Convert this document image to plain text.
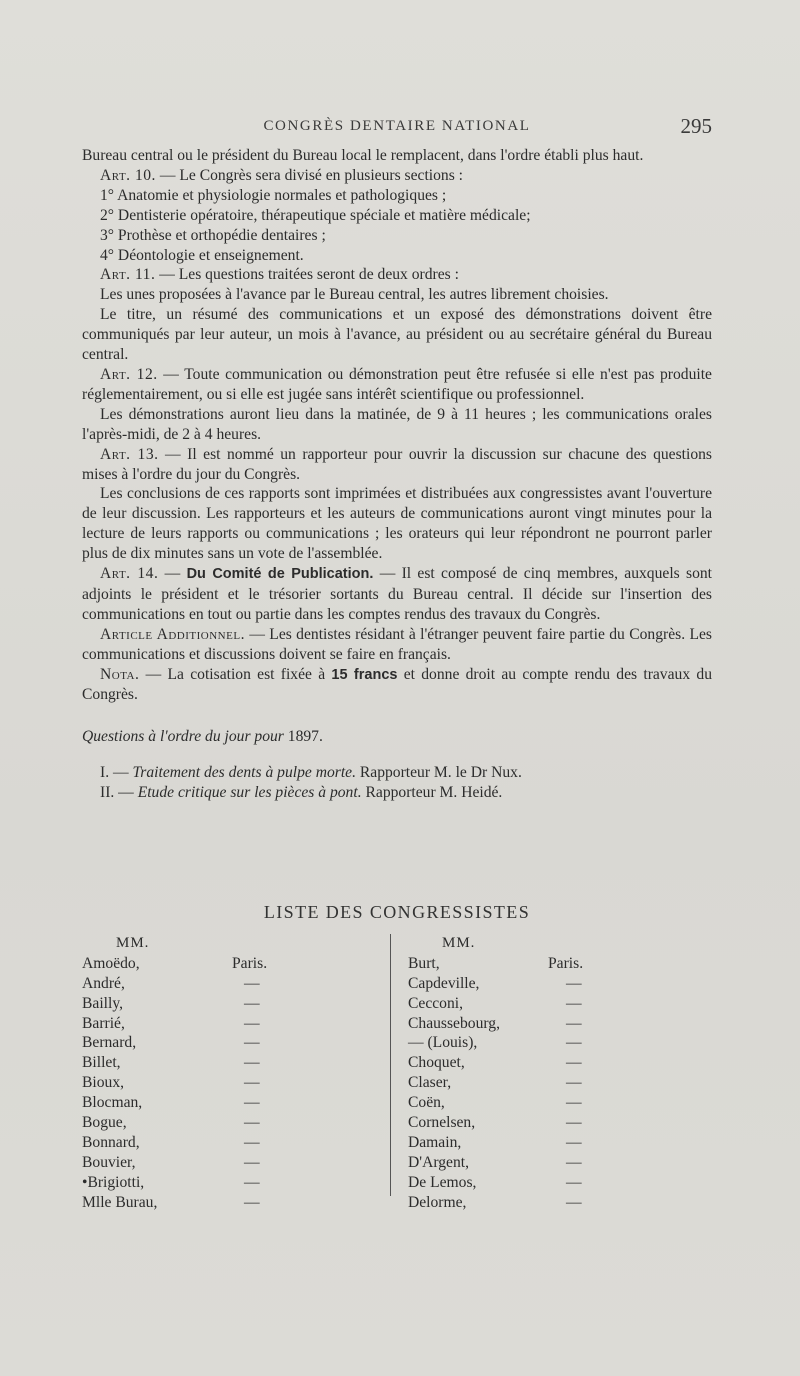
CONGRÈS DENTAIRE NATIONAL	295

Bureau central ou le président du Bureau local le remplacent, dans l'ordre établi plus haut.

Art. 10. — Le Congrès sera divisé en plusieurs sections :

1° Anatomie et physiologie normales et pathologiques ;

2° Dentisterie opératoire, thérapeutique spéciale et matière médicale;

3° Prothèse et orthopédie dentaires ;

4° Déontologie et enseignement.

Art. 11. — Les questions traitées seront de deux ordres :

Les unes proposées à l'avance par le Bureau central, les autres librement choisies.

Le titre, un résumé des communications et un exposé des démonstrations doivent être communiqués par leur auteur, un mois à l'avance, au président ou au secrétaire général du Bureau central.

Art. 12. — Toute communication ou démonstration peut être refusée si elle n'est pas produite réglementairement, ou si elle est jugée sans intérêt scientifique ou professionnel.

Les démonstrations auront lieu dans la matinée, de 9 à 11 heures ; les communications orales l'après-midi, de 2 à 4 heures.

Art. 13. — Il est nommé un rapporteur pour ouvrir la discussion sur chacune des questions mises à l'ordre du jour du Congrès.

Les conclusions de ces rapports sont imprimées et distribuées aux congressistes avant l'ouverture de leur discussion. Les rapporteurs et les auteurs de communications auront vingt minutes pour la lecture de leurs rapports ou communications ; les orateurs qui leur répondront ne pourront parler plus de dix minutes sans un vote de l'assemblée.

Art. 14. — Du Comité de Publication. — Il est composé de cinq membres, auxquels sont adjoints le président et le trésorier sortants du Bureau central. Il décide sur l'insertion des communications en tout ou partie dans les comptes rendus des travaux du Congrès.

Article Additionnel. — Les dentistes résidant à l'étranger peuvent faire partie du Congrès. Les communications et discussions doivent se faire en français.

Nota. — La cotisation est fixée à 15 francs et donne droit au compte rendu des travaux du Congrès.

Questions à l'ordre du jour pour 1897.

I. — Traitement des dents à pulpe morte. Rapporteur M. le Dr Nux.

II. — Etude critique sur les pièces à pont. Rapporteur M. Heidé.

LISTE DES CONGRESSISTES
MM.
Amoëdo,	Paris.
André,	—
Bailly,	—
Barrié,	—
Bernard,	—
Billet,	—
Bioux,	—
Blocman,	—
Bogue,	—
Bonnard,	—
Bouvier,	—
•Brigiotti,	—
Mlle Burau,	—
MM.
Burt,	Paris.
Capdeville,	—
Cecconi,	—
Chaussebourg,	—
— (Louis),	—
Choquet,	—
Claser,	—
Coën,	—
Cornelsen,	—
Damain,	—
D'Argent,	—
De Lemos,	—
Delorme,	—
